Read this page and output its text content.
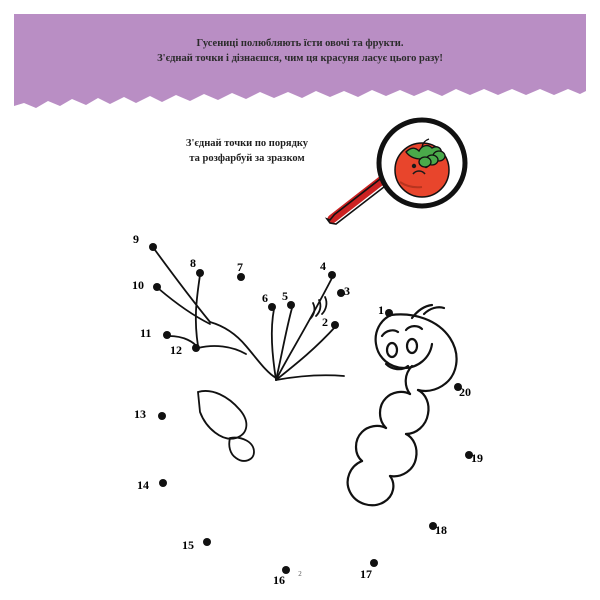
Гусениці полюбляють їсти овочі та фрукти.
З'єднай точки і дізнаєшся, чим ця красуня ласує цього разу!
З'єднай точки по порядку
та розфарбуй за зразком
9
10
11
12
13
14
15
16	17
18
19
20
1
2
3
4
5
6
7
8
2
